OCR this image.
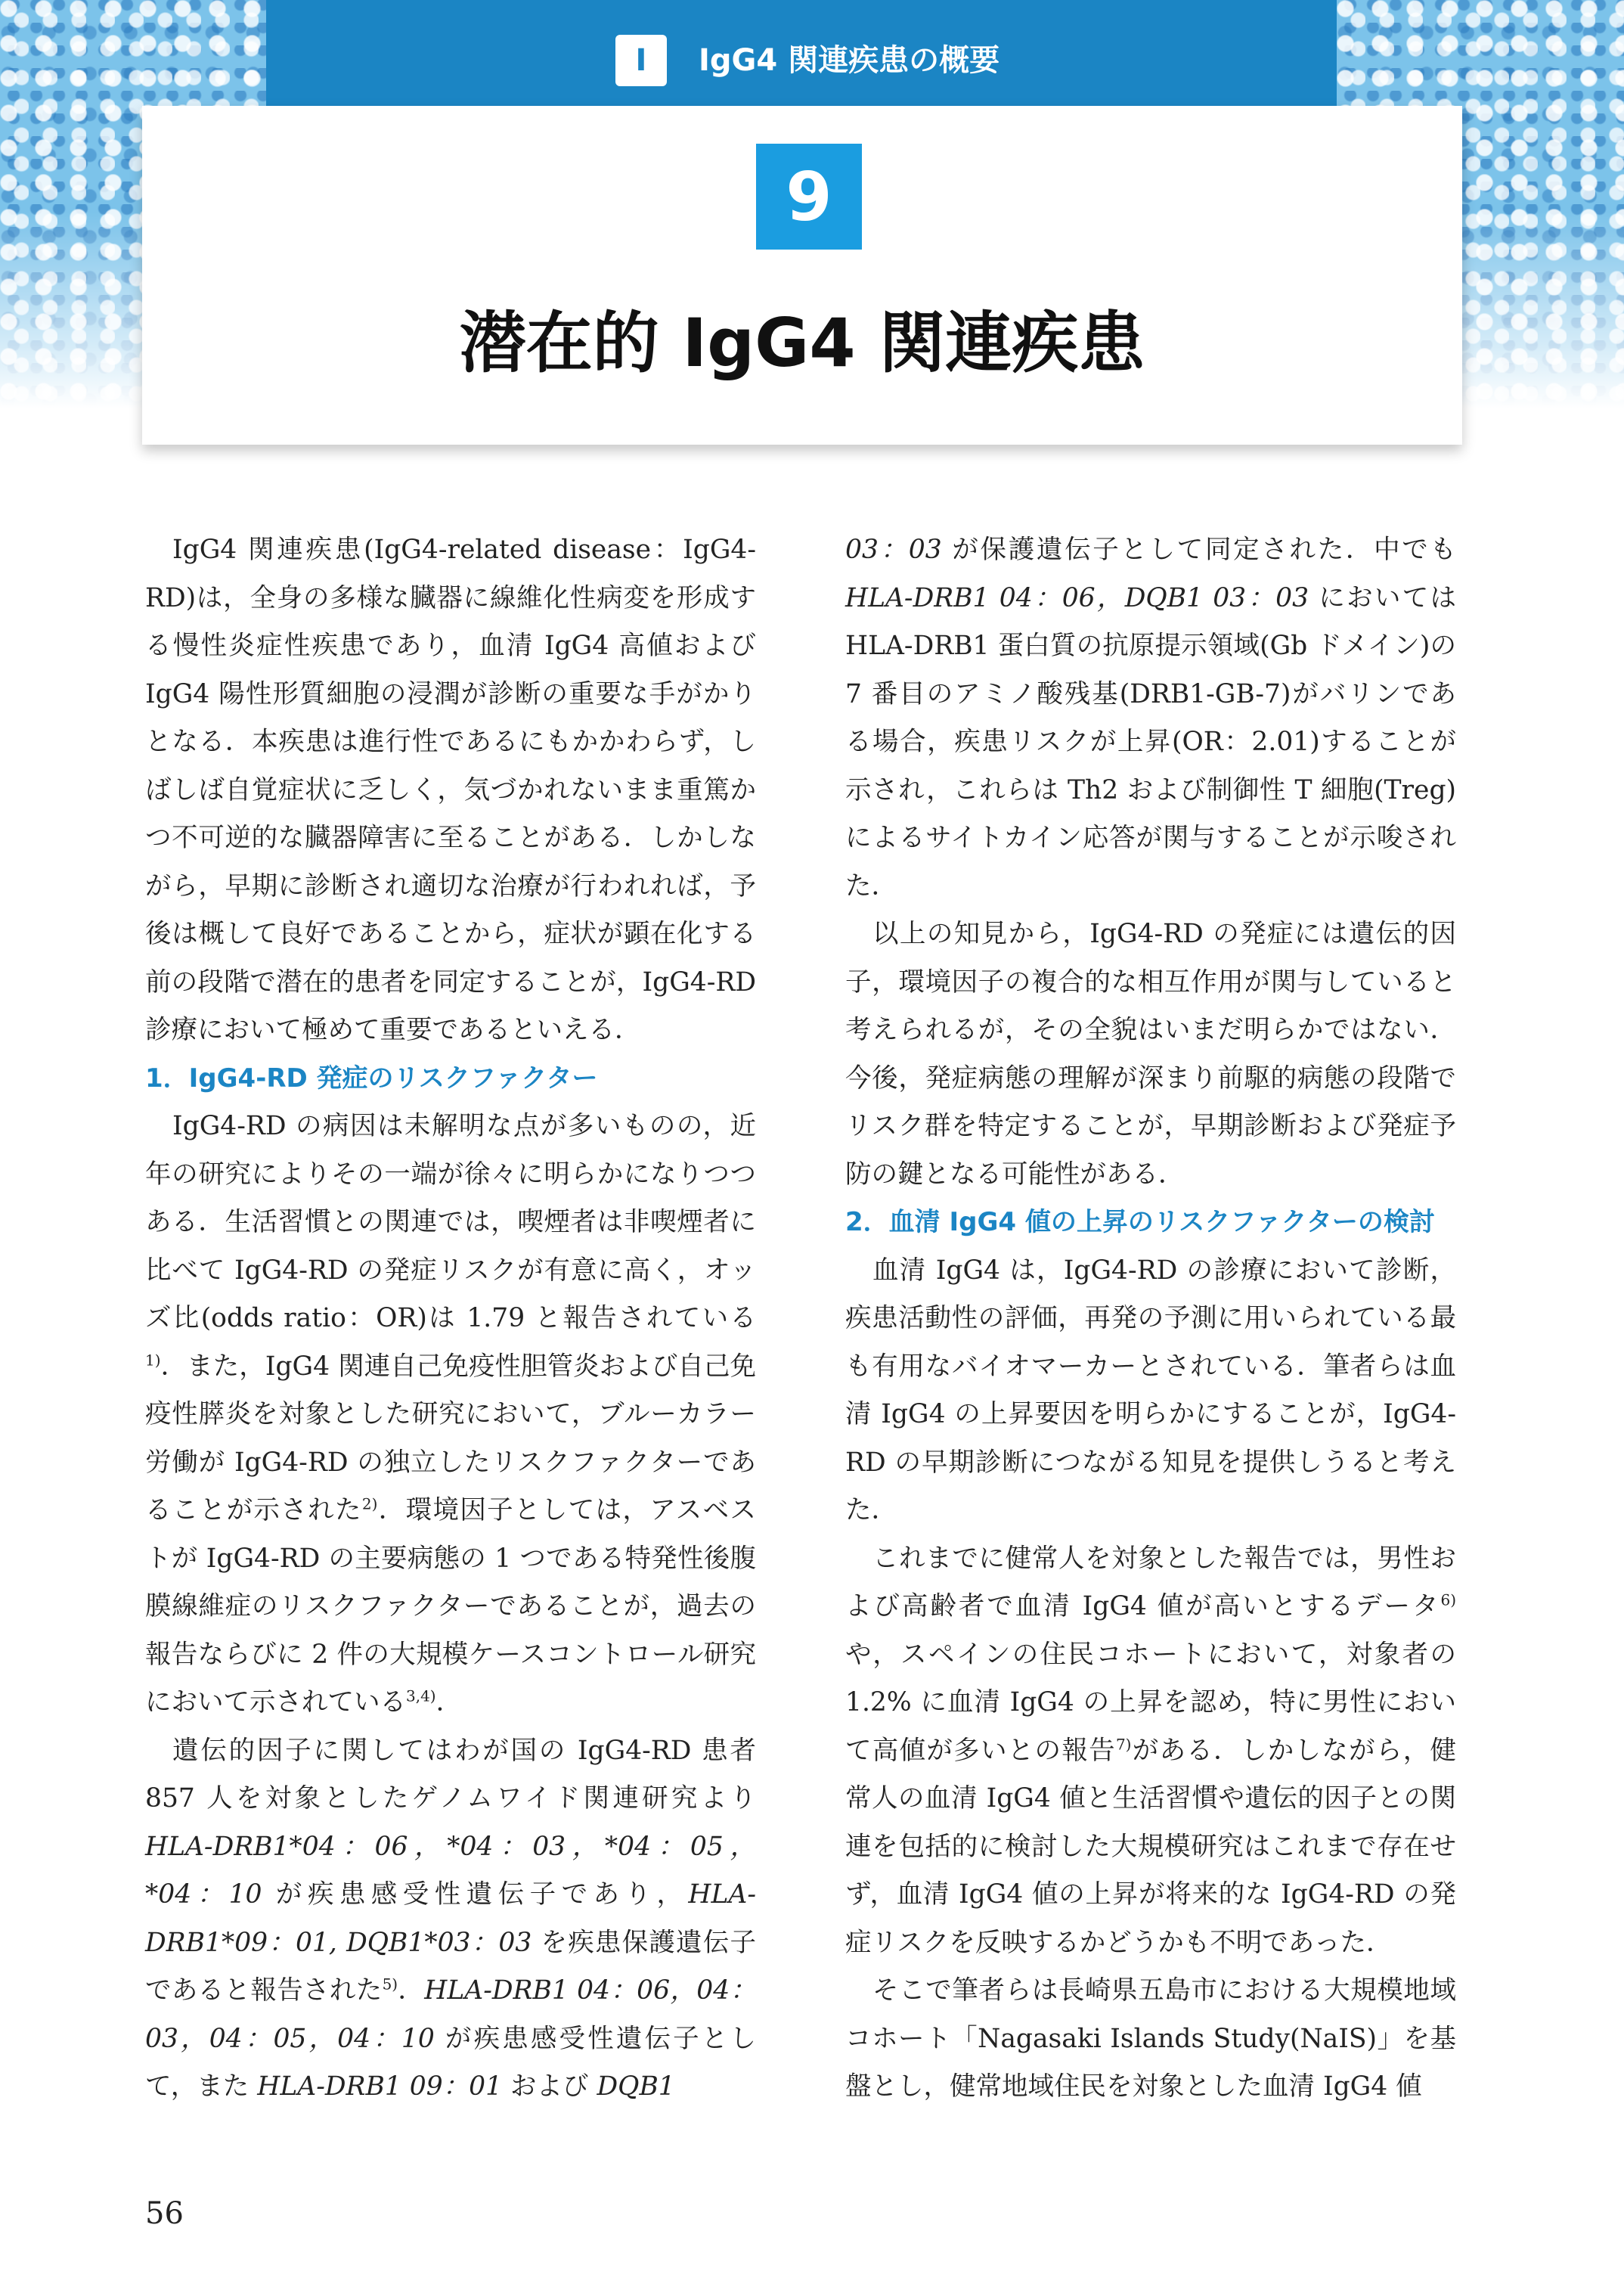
I	IgG4 関連疾患の概要
9
潜在的 IgG4 関連疾患

IgG4 関連疾患(IgG4-related disease：IgG4-RD)は，全身の多様な臓器に線維化性病変を形成する慢性炎症性疾患であり，血清 IgG4 高値および IgG4 陽性形質細胞の浸潤が診断の重要な手がかりとなる．本疾患は進行性であるにもかかわらず，しばしば自覚症状に乏しく，気づかれないまま重篤かつ不可逆的な臓器障害に至ることがある．しかしながら，早期に診断され適切な治療が行われれば，予後は概して良好であることから，症状が顕在化する前の段階で潜在的患者を同定することが，IgG4-RD 診療において極めて重要であるといえる．

1．IgG4-RD 発症のリスクファクター

IgG4-RD の病因は未解明な点が多いものの，近年の研究によりその一端が徐々に明らかになりつつある．生活習慣との関連では，喫煙者は非喫煙者に比べて IgG4-RD の発症リスクが有意に高く，オッズ比(odds ratio：OR)は 1.79 と報告されている$^{1)}$．また，IgG4 関連自己免疫性胆管炎および自己免疫性膵炎を対象とした研究において，ブルーカラー労働が IgG4-RD の独立したリスクファクターであることが示された$^{2)}$．環境因子としては，アスベストが IgG4-RD の主要病態の 1 つである特発性後腹膜線維症のリスクファクターであることが，過去の報告ならびに 2 件の大規模ケースコントロール研究において示されている$^{3,4)}$．

遺伝的因子に関してはわが国の IgG4-RD 患者 857 人を対象としたゲノムワイド関連研究より HLA-DRB1*04：06，*04：03，*04：05，*04：10 が疾患感受性遺伝子であり，HLA-DRB1*09：01, DQB1*03：03 を疾患保護遺伝子であると報告された$^{5)}$．HLA-DRB1 04：06，04：03，04：05，04：10 が疾患感受性遺伝子として，また HLA-DRB1 09：01 および DQB1

03：03 が保護遺伝子として同定された．中でも HLA-DRB1 04：06，DQB1 03：03 においては HLA-DRB1 蛋白質の抗原提示領域(Gb ドメイン)の 7 番目のアミノ酸残基(DRB1-GB-7)がバリンである場合，疾患リスクが上昇(OR：2.01)することが示され，これらは Th2 および制御性 T 細胞(Treg)によるサイトカイン応答が関与することが示唆された．

以上の知見から，IgG4-RD の発症には遺伝的因子，環境因子の複合的な相互作用が関与していると考えられるが，その全貌はいまだ明らかではない．今後，発症病態の理解が深まり前駆的病態の段階でリスク群を特定することが，早期診断および発症予防の鍵となる可能性がある．

2．血清 IgG4 値の上昇のリスクファクターの検討

血清 IgG4 は，IgG4-RD の診療において診断，疾患活動性の評価，再発の予測に用いられている最も有用なバイオマーカーとされている．筆者らは血清 IgG4 の上昇要因を明らかにすることが，IgG4-RD の早期診断につながる知見を提供しうると考えた．

これまでに健常人を対象とした報告では，男性および高齢者で血清 IgG4 値が高いとするデータ$^{6)}$や，スペインの住民コホートにおいて，対象者の 1.2% に血清 IgG4 の上昇を認め，特に男性において高値が多いとの報告$^{7)}$がある．しかしながら，健常人の血清 IgG4 値と生活習慣や遺伝的因子との関連を包括的に検討した大規模研究はこれまで存在せず，血清 IgG4 値の上昇が将来的な IgG4-RD の発症リスクを反映するかどうかも不明であった．

そこで筆者らは長崎県五島市における大規模地域コホート「Nagasaki Islands Study(NaIS)」を基盤とし，健常地域住民を対象とした血清 IgG4 値

56
